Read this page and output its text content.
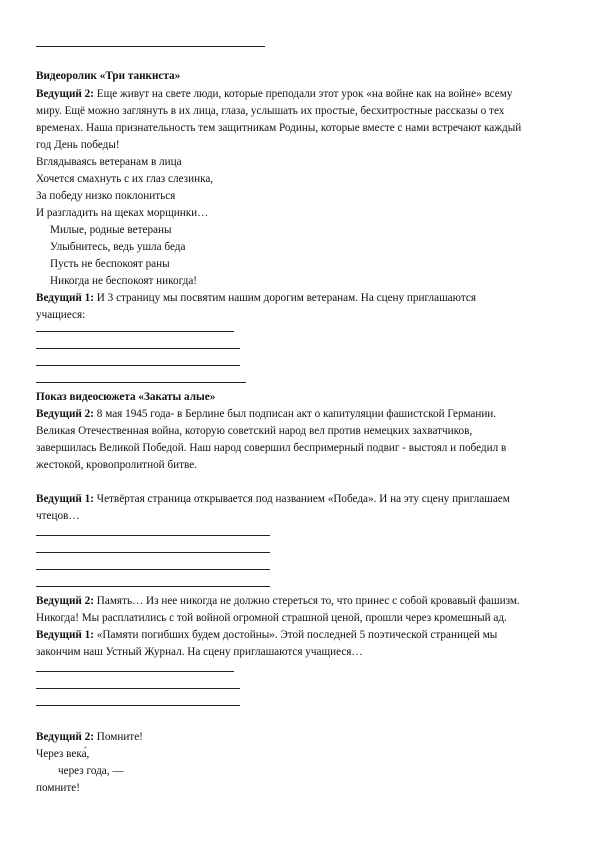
Видеоролик «Три танкиста»
Ведущий 2: Еще живут на свете люди, которые преподали этот урок «на войне как на войне» всему
миру. Ещё можно заглянуть в их лица, глаза, услышать их простые, бесхитростные рассказы о тех
временах. Наша признательность тем защитникам Родины, которые вместе с нами встречают каждый
год День победы!
Вглядываясь ветеранам в лица
Хочется смахнуть с их глаз слезинка,
За победу низко поклониться
И разгладить на щеках морщинки…
Милые, родные ветераны
Улыбнитесь, ведь ушла беда
Пусть не беспокоят раны
Никогда не беспокоят никогда!
Ведущий 1: И 3 страницу мы посвятим нашим дорогим ветеранам. На сцену приглашаются
учащиеся:
Показ видеосюжета «Закаты алые»
Ведущий 2: 8 мая 1945 года- в Берлине был подписан акт о капитуляции фашистской Германии.
Великая Отечественная война, которую советский народ вел против немецких захватчиков,
завершилась Великой Победой. Наш народ совершил беспримерный подвиг - выстоял и победил в
жестокой, кровопролитной битве.
Ведущий 1: Четвёртая страница открывается под названием «Победа». И на эту сцену приглашаем
чтецов…
Ведущий 2: Память… Из нее никогда не должно стереться то, что принес с собой кровавый фашизм.
Никогда! Мы расплатились с той войной огромной страшной ценой, прошли через кромешный ад.
Ведущий 1: «Памяти погибших будем достойны». Этой последней 5 поэтической страницей мы
закончим наш Устный Журнал. На сцену приглашаются учащиеся…
Ведущий 2: Помните!
Через века́,
через года, —
помните!
